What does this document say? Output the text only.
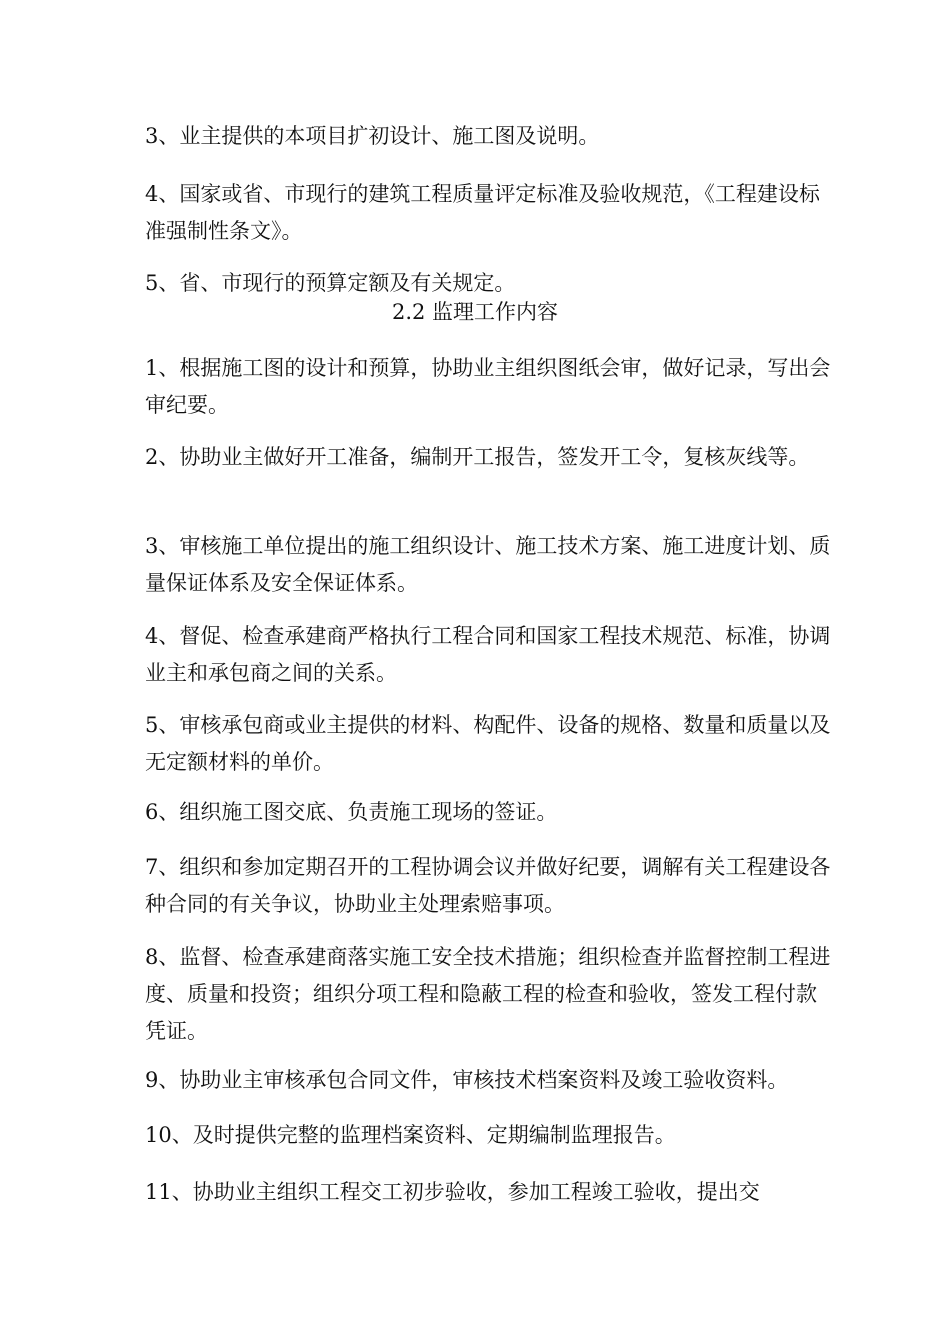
3、业主提供的本项目扩初设计、施工图及说明。

4、国家或省、市现行的建筑工程质量评定标准及验收规范，《工程建设标准强制性条文》。

5、省、市现行的预算定额及有关规定。

2.2 监理工作内容

1、根据施工图的设计和预算，协助业主组织图纸会审，做好记录，写出会审纪要。

2、协助业主做好开工准备，编制开工报告，签发开工令，复核灰线等。

3、审核施工单位提出的施工组织设计、施工技术方案、施工进度计划、质量保证体系及安全保证体系。

4、督促、检查承建商严格执行工程合同和国家工程技术规范、标准，协调业主和承包商之间的关系。

5、审核承包商或业主提供的材料、构配件、设备的规格、数量和质量以及无定额材料的单价。

6、组织施工图交底、负责施工现场的签证。

7、组织和参加定期召开的工程协调会议并做好纪要，调解有关工程建设各种合同的有关争议，协助业主处理索赔事项。

8、监督、检查承建商落实施工安全技术措施；组织检查并监督控制工程进度、质量和投资；组织分项工程和隐蔽工程的检查和验收，签发工程付款凭证。

9、协助业主审核承包合同文件，审核技术档案资料及竣工验收资料。

10、及时提供完整的监理档案资料、定期编制监理报告。

11、协助业主组织工程交工初步验收，参加工程竣工验收，提出交
